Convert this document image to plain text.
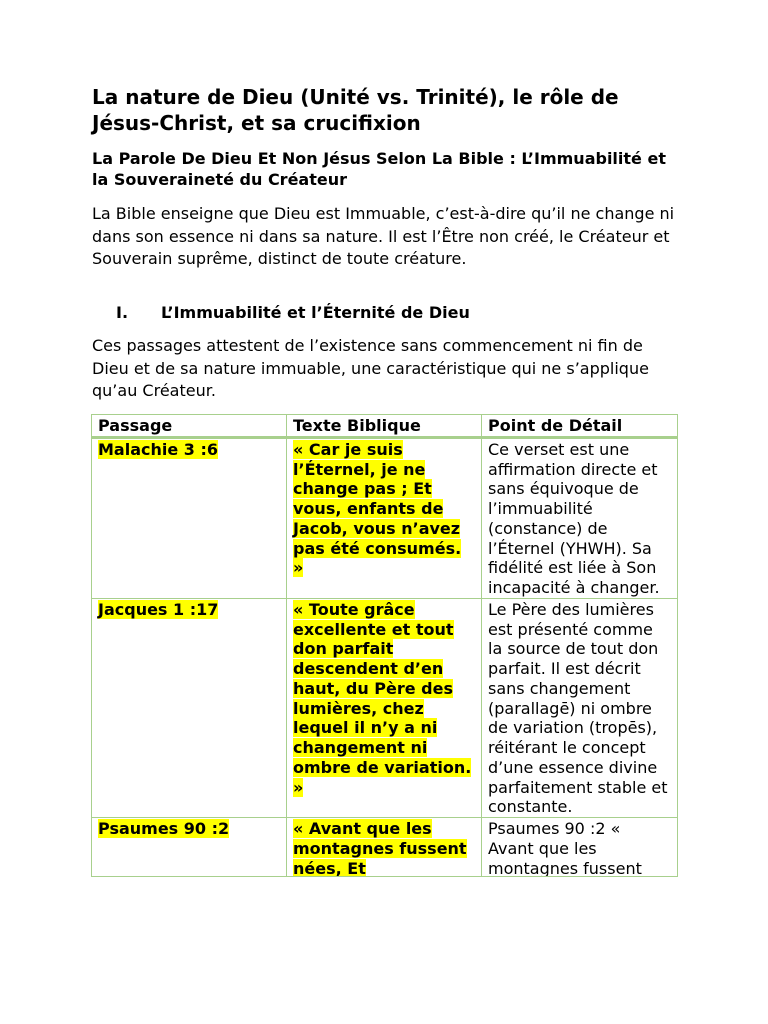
La nature de Dieu (Unité vs. Trinité), le rôle de Jésus-Christ, et sa crucifixion
La Parole De Dieu Et Non Jésus Selon La Bible : L’Immuabilité et la Souveraineté du Créateur

La Bible enseigne que Dieu est Immuable, c’est-à-dire qu’il ne change ni dans son essence ni dans sa nature. Il est l’Être non créé, le Créateur et Souverain suprême, distinct de toute créature.

I.	L’Immuabilité et l’Éternité de Dieu

Ces passages attestent de l’existence sans commencement ni fin de Dieu et de sa nature immuable, une caractéristique qui ne s’applique qu’au Créateur.

Passage	Texte Biblique	Point de Détail
Malachie 3 :6	« Car je suis l’Éternel, je ne change pas ; Et vous, enfants de Jacob, vous n’avez pas été consumés. »	Ce verset est une affirmation directe et sans équivoque de l’immuabilité (constance) de l’Éternel (YHWH). Sa fidélité est liée à Son incapacité à changer.
Jacques 1 :17	« Toute grâce excellente et tout don parfait descendent d’en haut, du Père des lumières, chez lequel il n’y a ni changement ni ombre de variation. »	Le Père des lumières est présenté comme la source de tout don parfait. Il est décrit sans changement (parallagē) ni ombre de variation (tropēs), réitérant le concept d’une essence divine parfaitement stable et constante.

Psaumes 90 :2	« Avant que les montagnes fussent nées, Et	Psaumes 90 :2 « Avant que les montagnes fussent
